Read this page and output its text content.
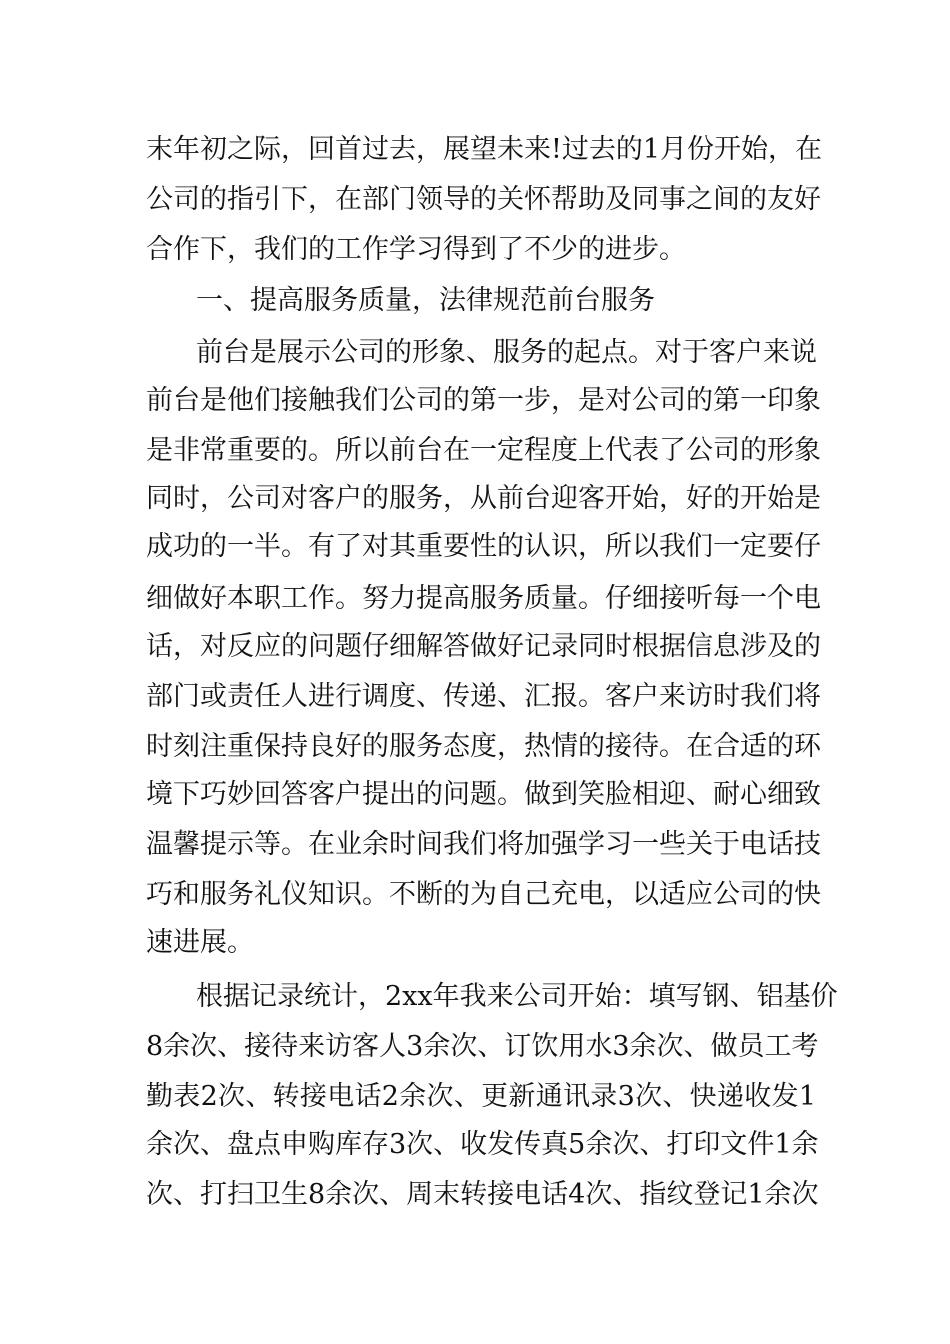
末年初之际，回首过去，展望未来!过去的1月份开始，在
公司的指引下，在部门领导的关怀帮助及同事之间的友好
合作下，我们的工作学习得到了不少的进步。
一、提高服务质量，法律规范前台服务
前台是展示公司的形象、服务的起点。对于客户来说
前台是他们接触我们公司的第一步，是对公司的第一印象
是非常重要的。所以前台在一定程度上代表了公司的形象
同时，公司对客户的服务，从前台迎客开始，好的开始是
成功的一半。有了对其重要性的认识，所以我们一定要仔
细做好本职工作。努力提高服务质量。仔细接听每一个电
话，对反应的问题仔细解答做好记录同时根据信息涉及的
部门或责任人进行调度、传递、汇报。客户来访时我们将
时刻注重保持良好的服务态度，热情的接待。在合适的环
境下巧妙回答客户提出的问题。做到笑脸相迎、耐心细致
温馨提示等。在业余时间我们将加强学习一些关于电话技
巧和服务礼仪知识。不断的为自己充电，以适应公司的快
速进展。
根据记录统计，2xx年我来公司开始：填写钢、铝基价
8余次、接待来访客人3余次、订饮用水3余次、做员工考
勤表2次、转接电话2余次、更新通讯录3次、快递收发1
余次、盘点申购库存3次、收发传真5余次、打印文件1余
次、打扫卫生8余次、周末转接电话4次、指纹登记1余次
